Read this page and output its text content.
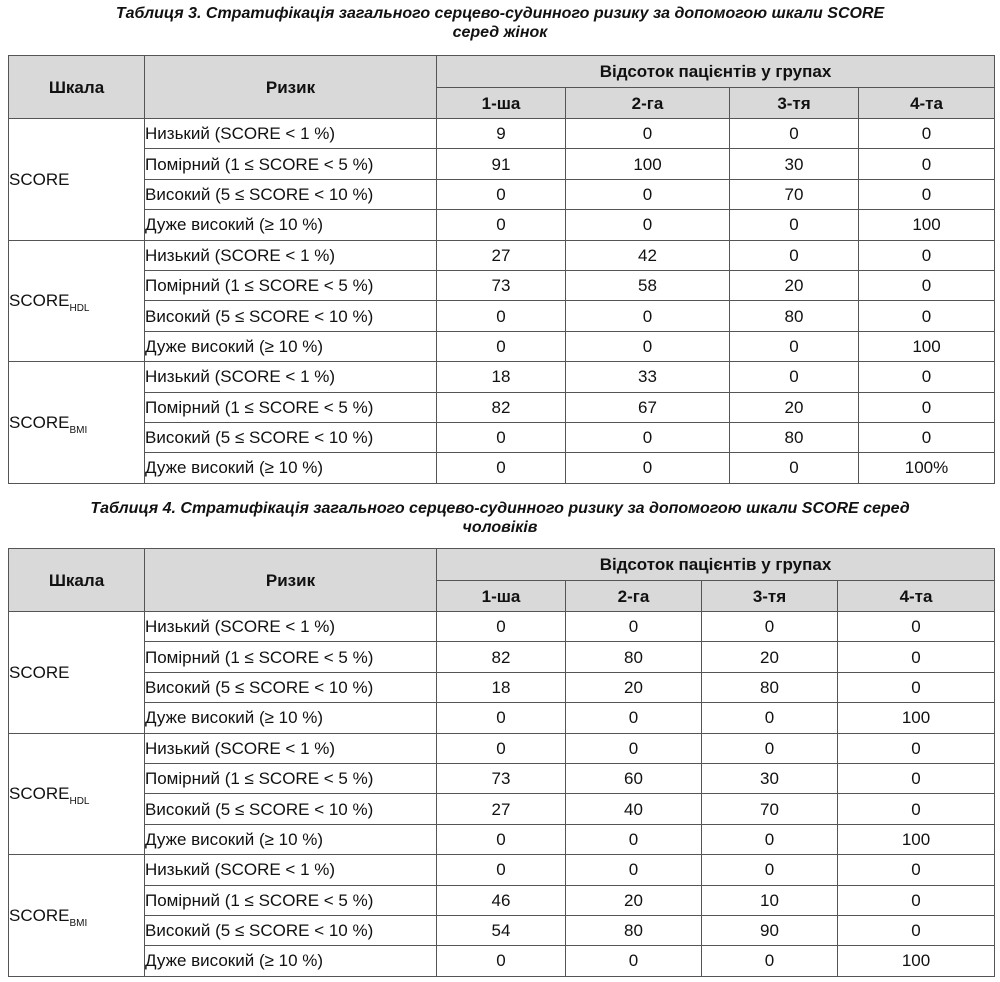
Таблиця 3. Стратифікація загального серцево-судинного ризику за допомогою шкали SCORE
серед жінок
Шкала	Ризик	Відсоток пацієнтів у групах			
		1-ша	2-га	3-тя	4-та
SCORE	Низький (SCORE < 1 %)	9	0	0	0
	Помірний (1 ≤ SCORE < 5 %)	91	100	30	0
	Високий (5 ≤ SCORE < 10 %)	0	0	70	0
	Дуже високий (≥ 10 %)	0	0	0	100
$SCORE_{HDL}$	Низький (SCORE < 1 %)	27	42	0	0
	Помірний (1 ≤ SCORE < 5 %)	73	58	20	0
	Високий (5 ≤ SCORE < 10 %)	0	0	80	0
	Дуже високий (≥ 10 %)	0	0	0	100
$SCORE_{BMI}$	Низький (SCORE < 1 %)	18	33	0	0
	Помірний (1 ≤ SCORE < 5 %)	82	67	20	0
	Високий (5 ≤ SCORE < 10 %)	0	0	80	0
	Дуже високий (≥ 10 %)	0	0	0	100%
Таблиця 4. Стратифікація загального серцево-судинного ризику за допомогою шкали SCORE серед
чоловіків
Шкала	Ризик	Відсоток пацієнтів у групах			
		1-ша	2-га	3-тя	4-та
SCORE	Низький (SCORE < 1 %)	0	0	0	0
	Помірний (1 ≤ SCORE < 5 %)	82	80	20	0
	Високий (5 ≤ SCORE < 10 %)	18	20	80	0
	Дуже високий (≥ 10 %)	0	0	0	100
$SCORE_{HDL}$	Низький (SCORE < 1 %)	0	0	0	0
	Помірний (1 ≤ SCORE < 5 %)	73	60	30	0
	Високий (5 ≤ SCORE < 10 %)	27	40	70	0
	Дуже високий (≥ 10 %)	0	0	0	100
$SCORE_{BMI}$	Низький (SCORE < 1 %)	0	0	0	0
	Помірний (1 ≤ SCORE < 5 %)	46	20	10	0
	Високий (5 ≤ SCORE < 10 %)	54	80	90	0
	Дуже високий (≥ 10 %)	0	0	0	100
